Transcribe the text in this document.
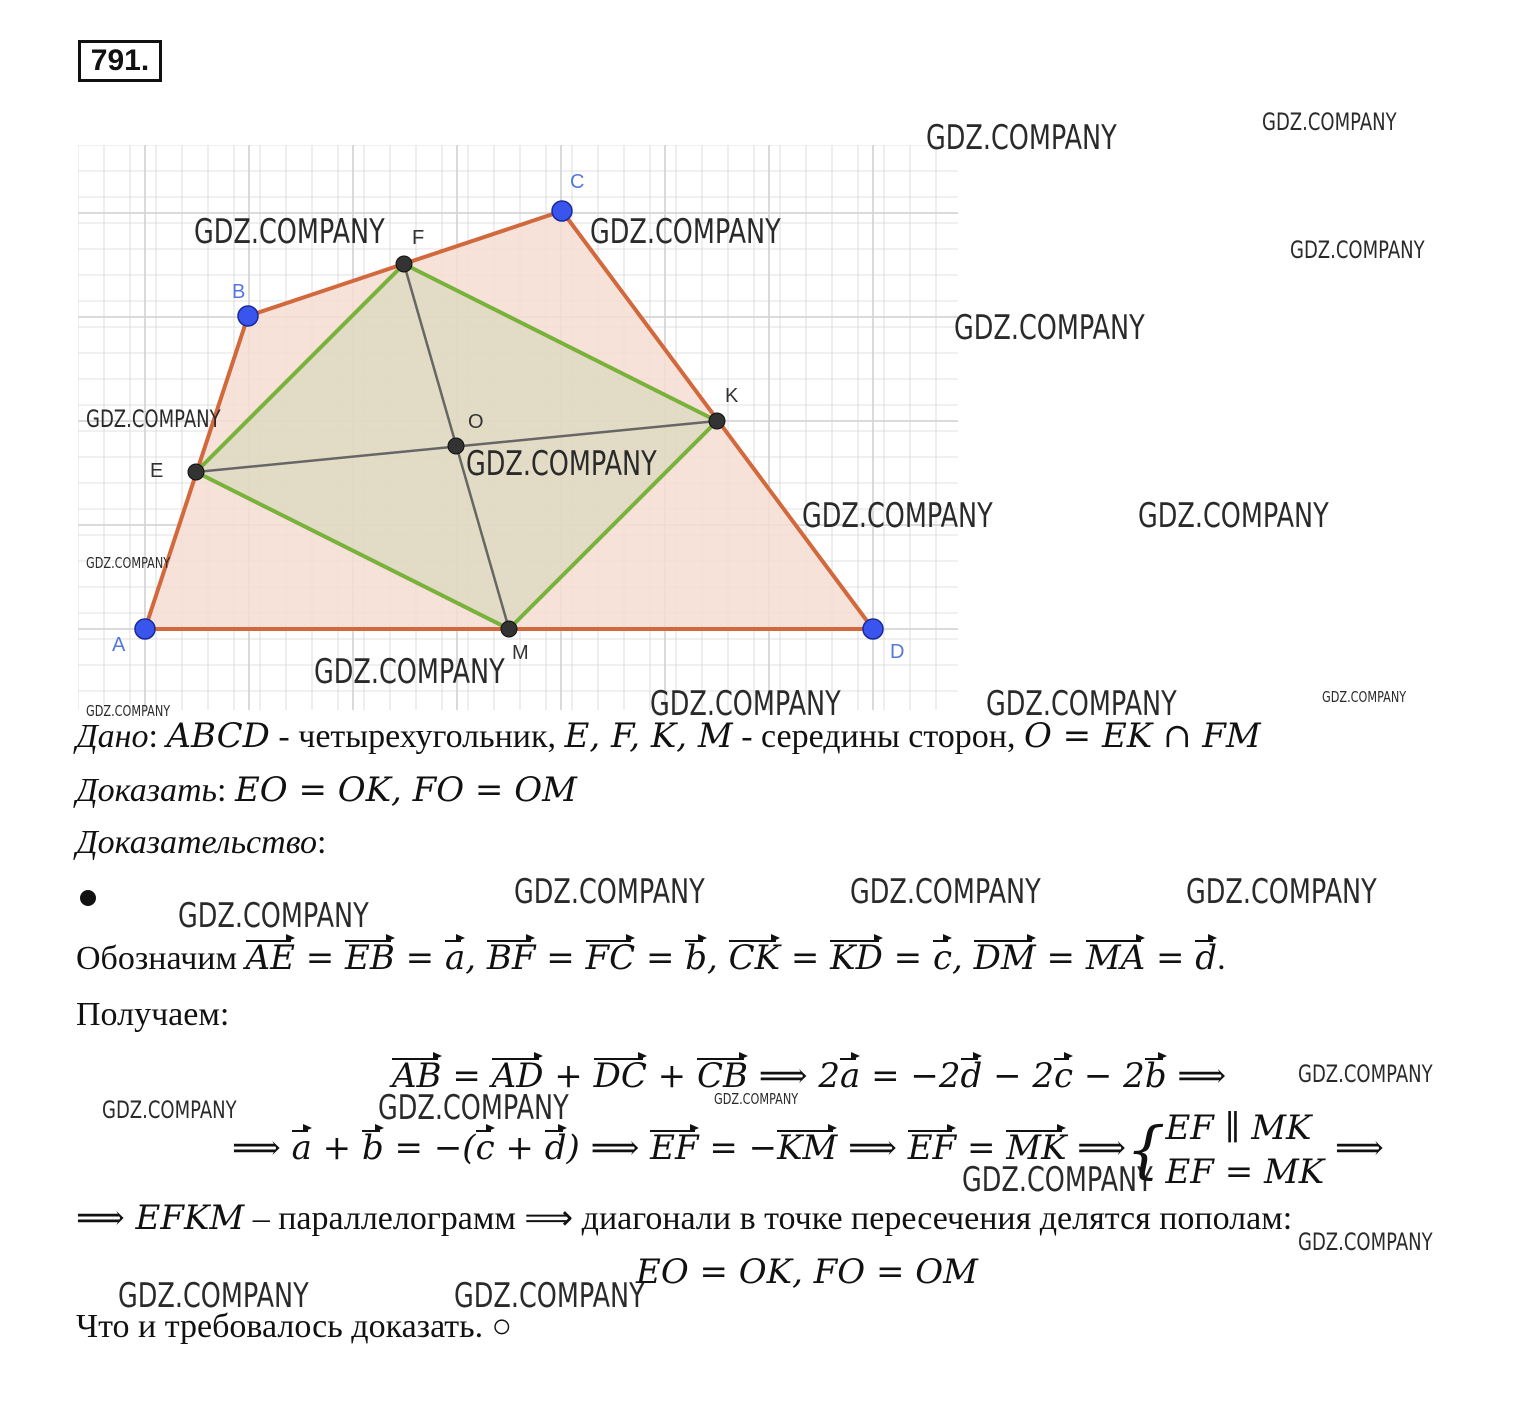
791.
A
B
C
D
E
F
K
M
O
GDZ.COMPANY	GDZ.COMPANY
GDZ.COMPANY	GDZ.COMPANY	GDZ.COMPANY
GDZ.COMPANY
GDZ.COMPANY
GDZ.COMPANY
GDZ.COMPANY	GDZ.COMPANY
GDZ.COMPANY
GDZ.COMPANY
GDZ.COMPANY	GDZ.COMPANY	GDZ.COMPANY
GDZ.COMPANY
GDZ.COMPANY	GDZ.COMPANY	GDZ.COMPANY
GDZ.COMPANY
GDZ.COMPANY
GDZ.COMPANY	GDZ.COMPANY	GDZ.COMPANY
GDZ.COMPANY
GDZ.COMPANY
GDZ.COMPANY	GDZ.COMPANY
Дано: ABCD - четырехугольник, E, F, K, M - середины сторон, O = EK ∩ FM
Доказать: EO = OK, FO = OM
Доказательство:
Обозначим AE = EB = a, BF = FC = b, CK = KD = c, DM = MA = d.
Получаем:
AB = AD + DC + CB ⟹ 2a = −2d − 2c − 2b ⟹
⟹ a + b = −(c + d) ⟹ EF = −KM ⟹ EF = MK ⟹{EF ∥ MK
EF = MK ⟹
⟹ EFKM – параллелограмм ⟹ диагонали в точке пересечения делятся пополам:
EO = OK, FO = OM
Что и требовалось доказать. ○
